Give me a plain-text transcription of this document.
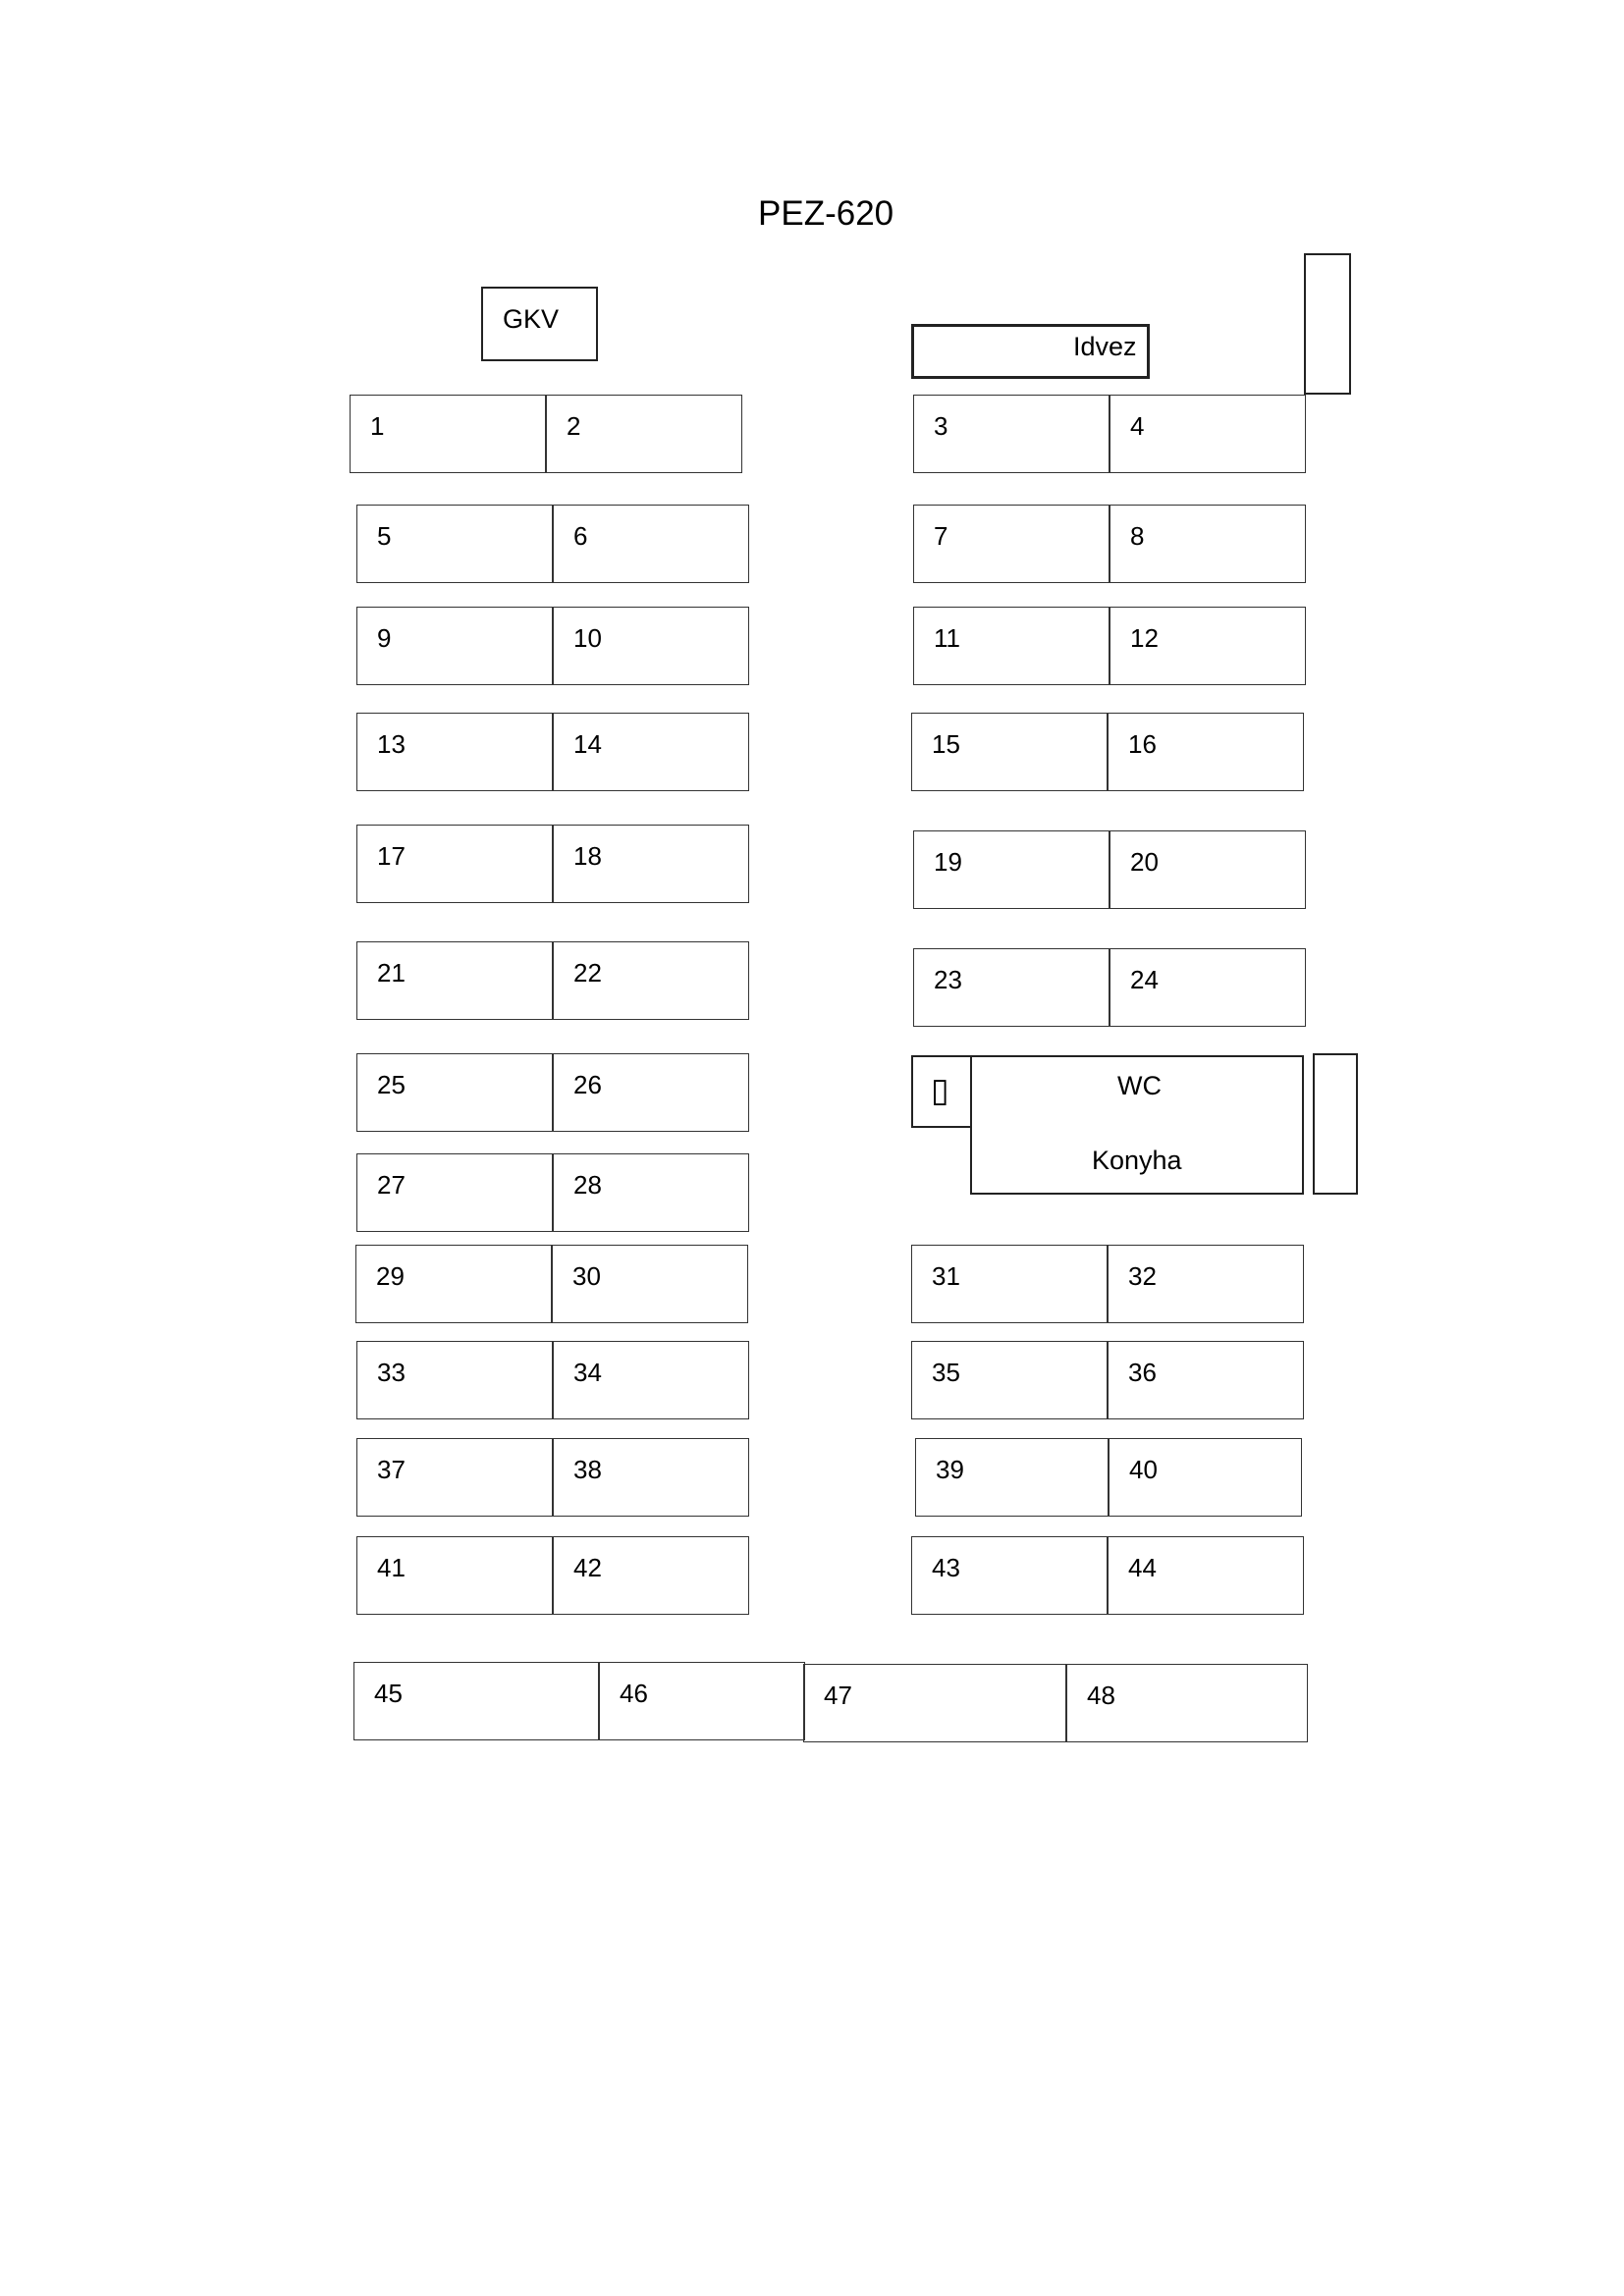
PEZ-620
GKV
Idvez
▯	WC
Konyha
1	2	3	4
5	6	7	8
9	10	11	12
13	14	15	16
17	18	19	20
21	22	23	24
25	26
27	28
29	30	31	32
33	34	35	36
37	38	39	40
41	42	43	44
45	46	47	48
